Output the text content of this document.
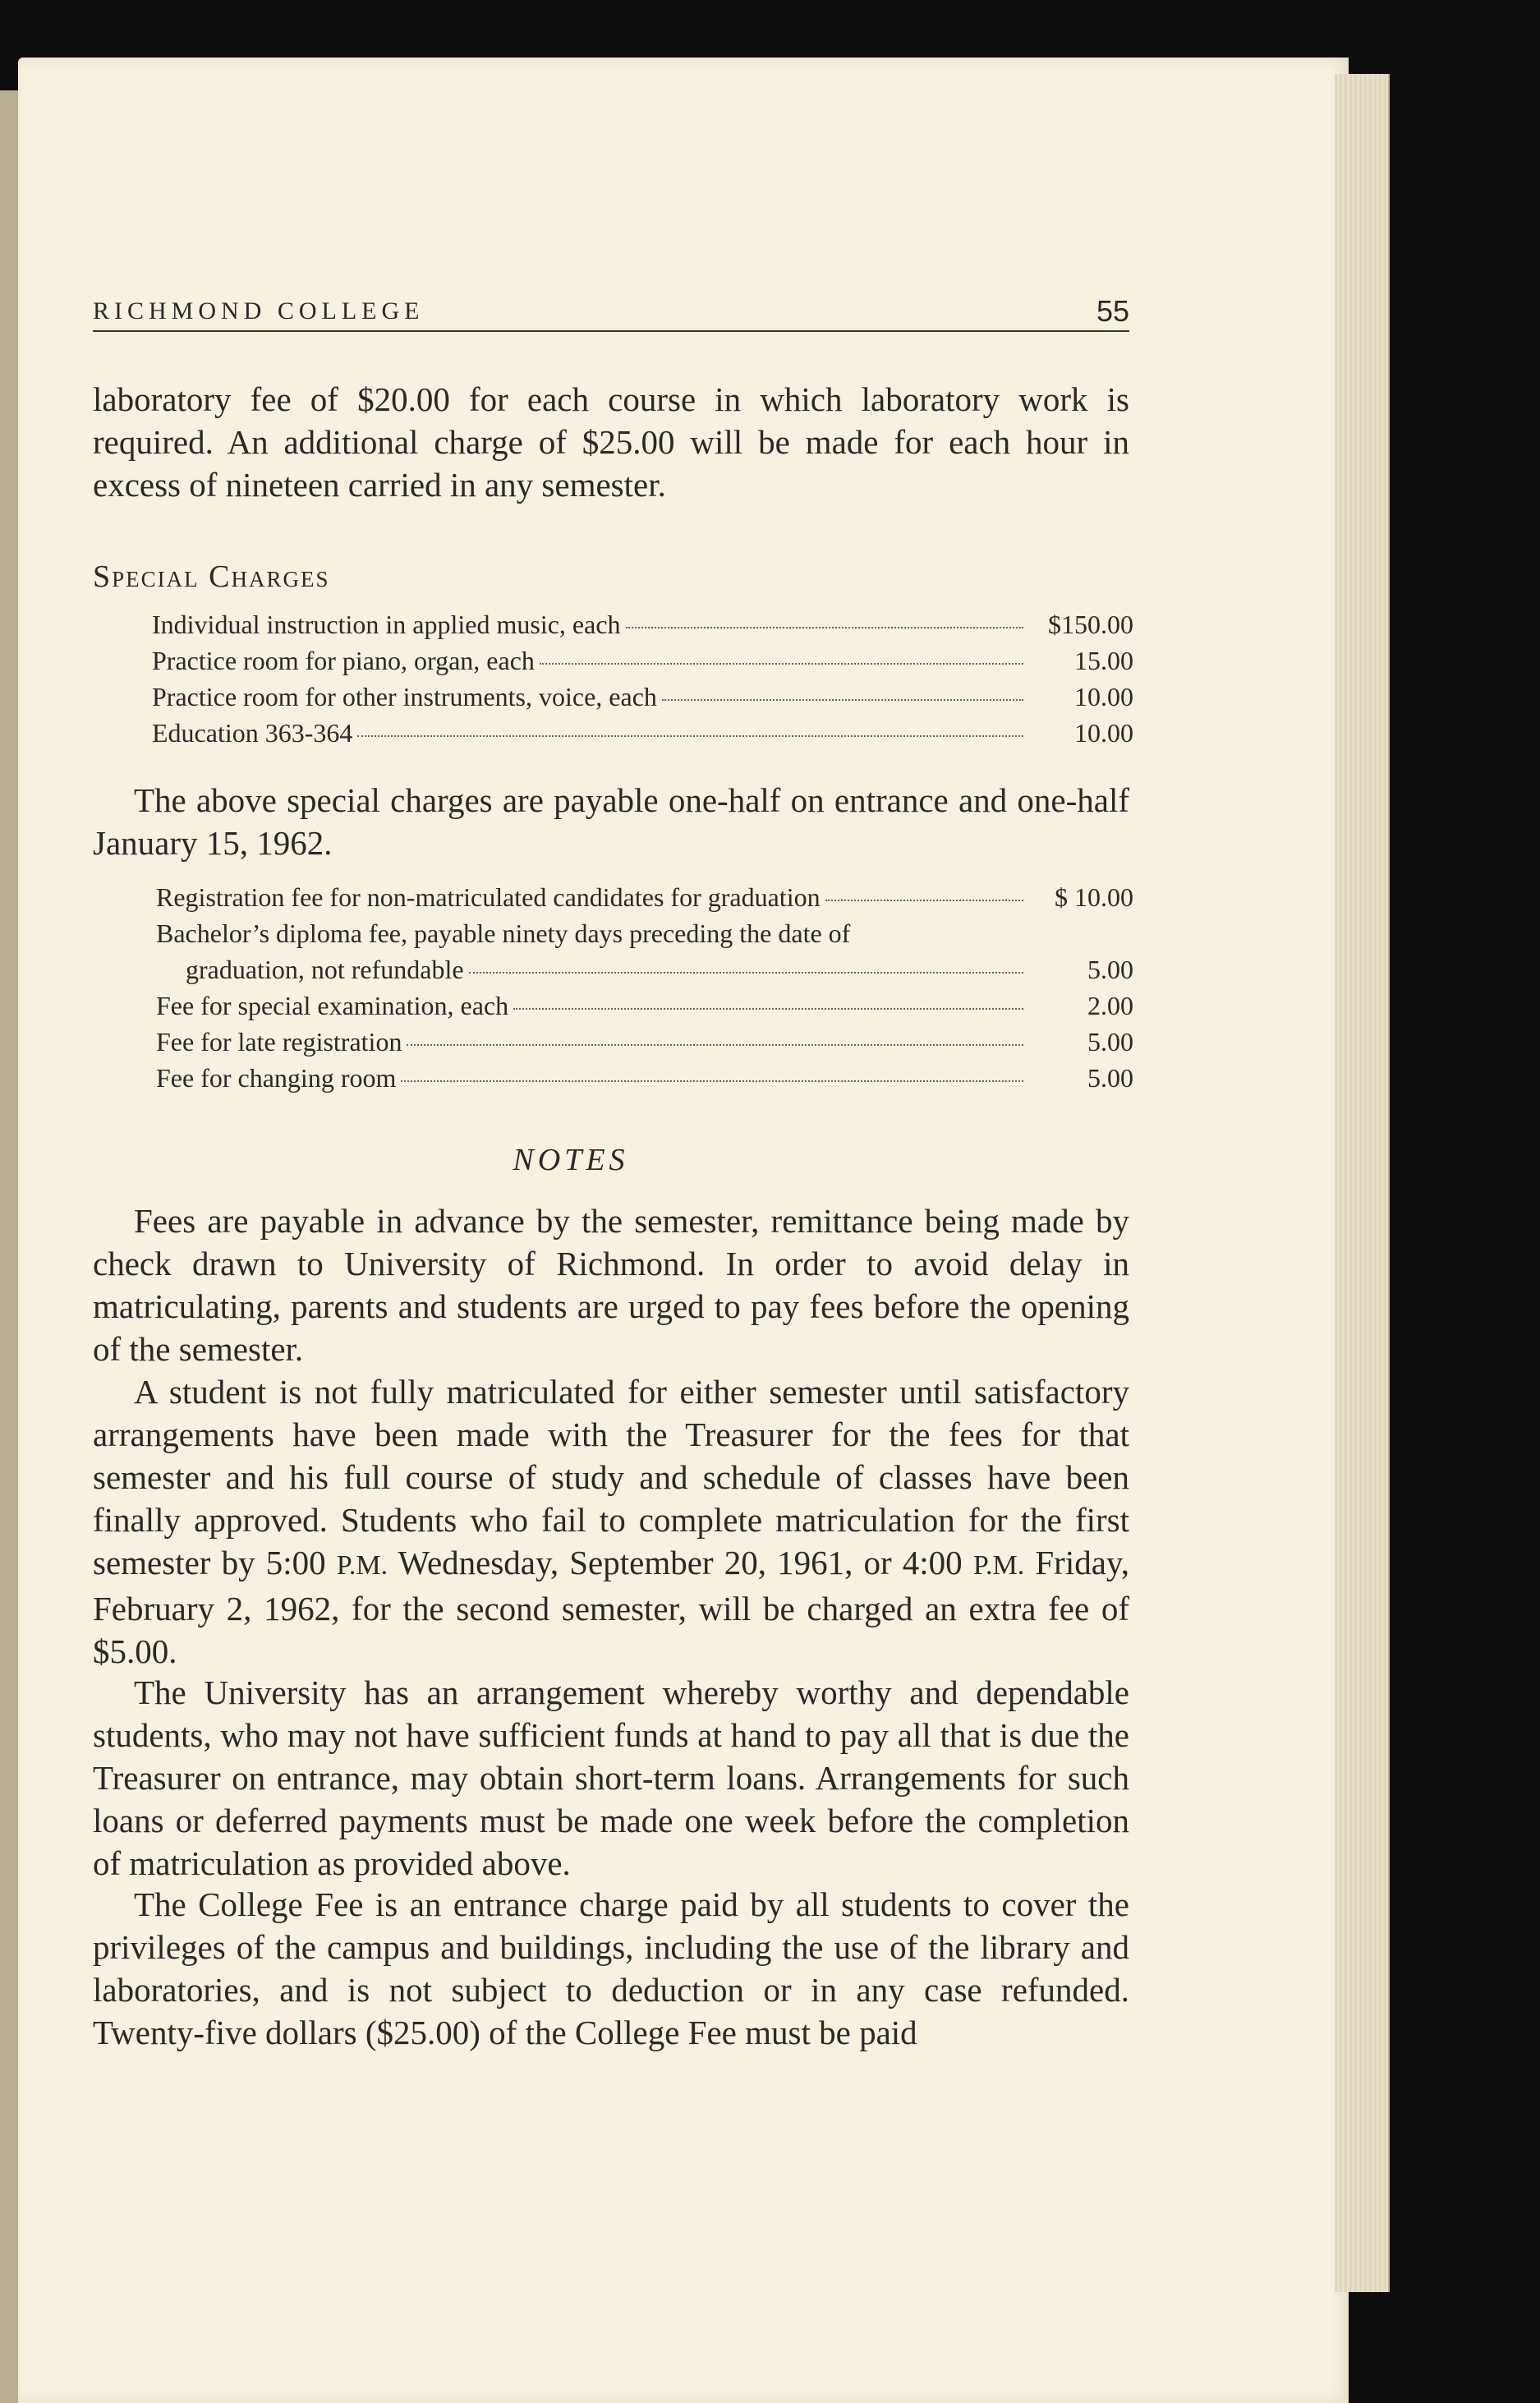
RICHMOND COLLEGE	55

laboratory fee of $20.00 for each course in which laboratory work is required. An additional charge of $25.00 will be made for each hour in excess of nineteen carried in any semester.

Special Charges
Individual instruction in applied music, each	$150.00
Practice room for piano, organ, each	15.00
Practice room for other instruments, voice, each	10.00
Education 363-364	10.00

The above special charges are payable one-half on entrance and one-half January 15, 1962.

Registration fee for non-matriculated candidates for graduation	$ 10.00
Bachelor’s diploma fee, payable ninety days preceding the date of
graduation, not refundable	5.00
Fee for special examination, each	2.00
Fee for late registration	5.00
Fee for changing room	5.00
NOTES

Fees are payable in advance by the semester, remittance being made by check drawn to University of Richmond. In order to avoid delay in matriculating, parents and students are urged to pay fees before the opening of the semester.

A student is not fully matriculated for either semester until satisfactory arrangements have been made with the Treasurer for the fees for that semester and his full course of study and schedule of classes have been finally approved. Students who fail to complete matriculation for the first semester by 5:00 P.M. Wednesday, September 20, 1961, or 4:00 P.M. Friday, February 2, 1962, for the second semester, will be charged an extra fee of $5.00.

The University has an arrangement whereby worthy and dependable students, who may not have sufficient funds at hand to pay all that is due the Treasurer on entrance, may obtain short-term loans. Arrangements for such loans or deferred payments must be made one week before the completion of matriculation as provided above.

The College Fee is an entrance charge paid by all students to cover the privileges of the campus and buildings, including the use of the library and laboratories, and is not subject to deduction or in any case refunded. Twenty-five dollars ($25.00) of the College Fee must be paid
